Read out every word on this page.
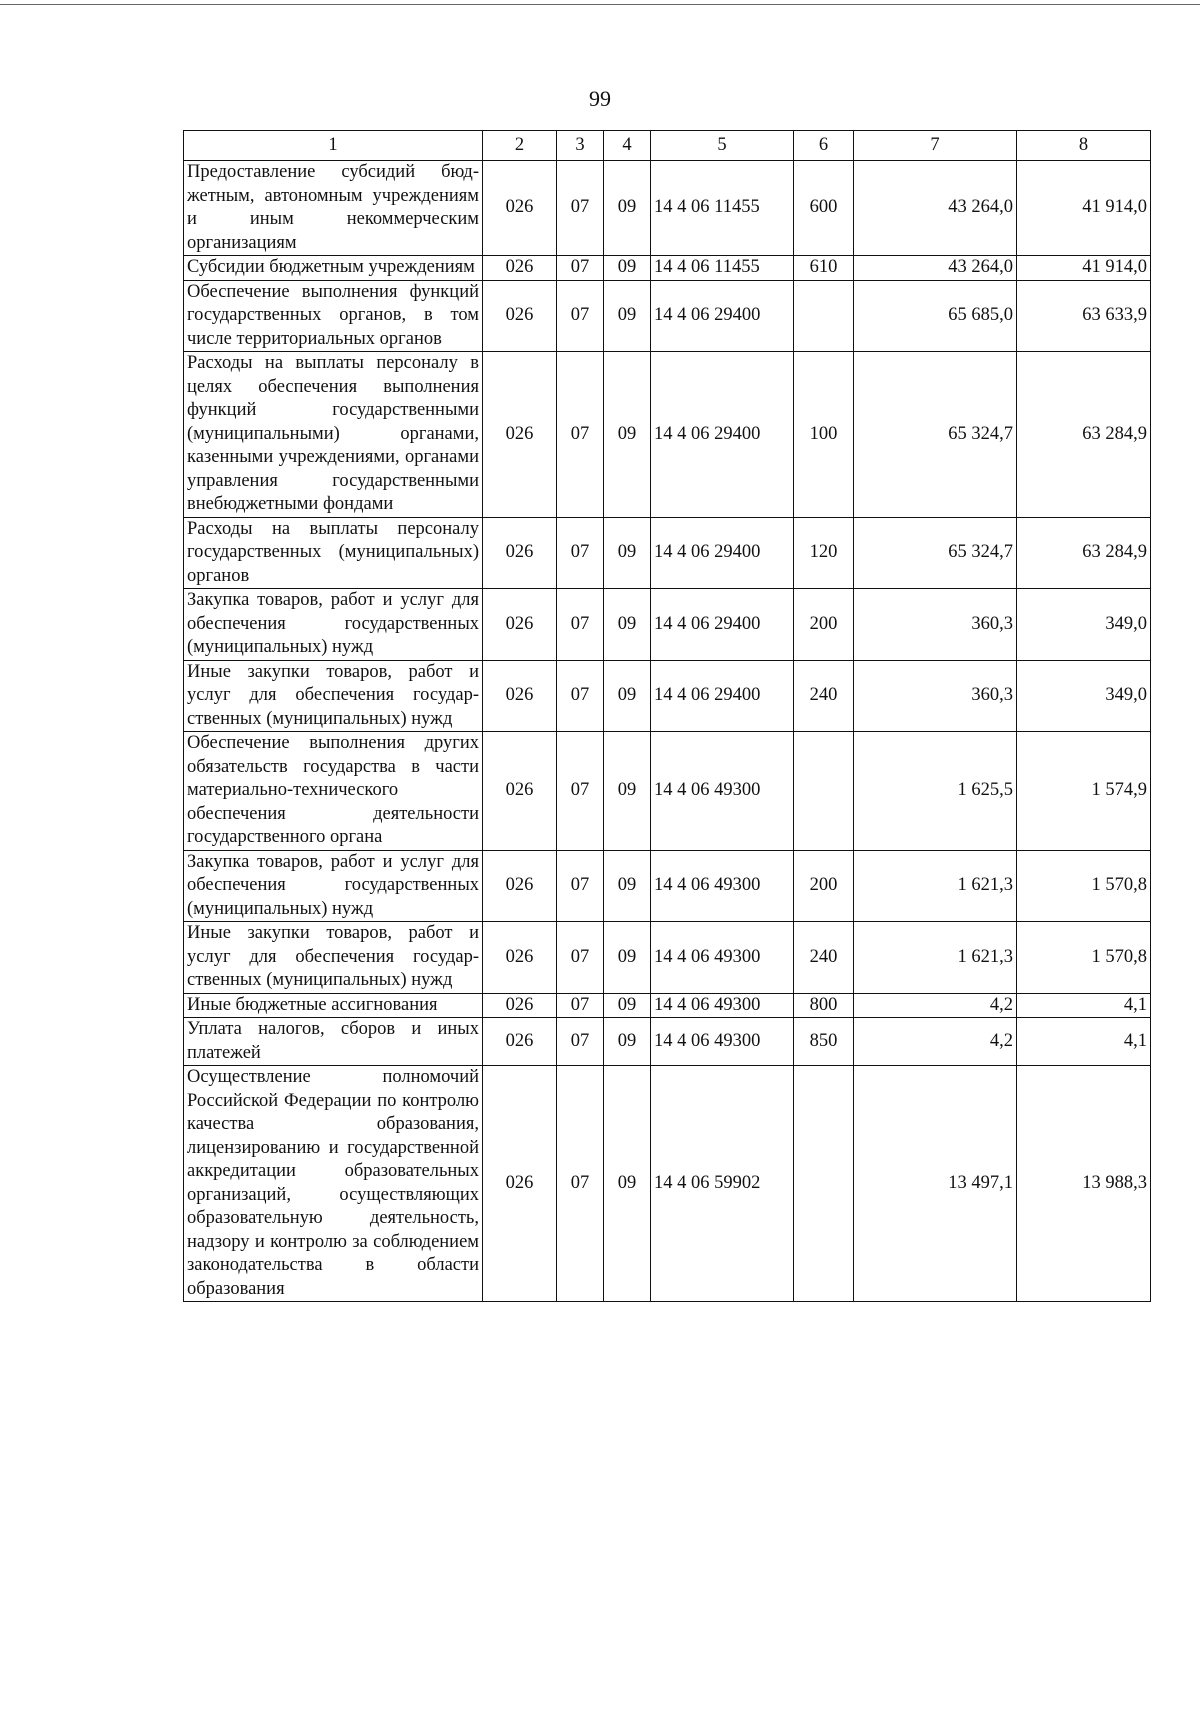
99
1	2	3	4	5	6	7	8
Предоставление субсидий бюджетным, автономным учреждениям и иным некоммерческим организациям	026	07	09	14 4 06 11455	600	43 264,0	41 914,0
Субсидии бюджетным учреждениям	026	07	09	14 4 06 11455	610	43 264,0	41 914,0
Обеспечение выполнения функций государственных органов, в том числе территориальных органов	026	07	09	14 4 06 29400		65 685,0	63 633,9
Расходы на выплаты персоналу в целях обеспечения выполнения функций государственными (муниципальными) органами, казенными учреждениями, органами управления государственными внебюджетными фондами	026	07	09	14 4 06 29400	100	65 324,7	63 284,9
Расходы на выплаты персоналу государственных (муниципальных) органов	026	07	09	14 4 06 29400	120	65 324,7	63 284,9
Закупка товаров, работ и услуг для обеспечения государственных (муниципальных) нужд	026	07	09	14 4 06 29400	200	360,3	349,0
Иные закупки товаров, работ и услуг для обеспечения государственных (муниципальных) нужд	026	07	09	14 4 06 29400	240	360,3	349,0
Обеспечение выполнения других обязательств государства в части материально-технического обеспечения деятельности государственного органа	026	07	09	14 4 06 49300		1 625,5	1 574,9
Закупка товаров, работ и услуг для обеспечения государственных (муниципальных) нужд	026	07	09	14 4 06 49300	200	1 621,3	1 570,8
Иные закупки товаров, работ и услуг для обеспечения государственных (муниципальных) нужд	026	07	09	14 4 06 49300	240	1 621,3	1 570,8
Иные бюджетные ассигнования	026	07	09	14 4 06 49300	800	4,2	4,1
Уплата налогов, сборов и иных платежей	026	07	09	14 4 06 49300	850	4,2	4,1
Осуществление полномочий Российской Федерации по контролю качества образования, лицензированию и государственной аккредитации образовательных организаций, осуществляющих образовательную деятельность, надзору и контролю за соблюдением законодательства в области образования	026	07	09	14 4 06 59902		13 497,1	13 988,3
